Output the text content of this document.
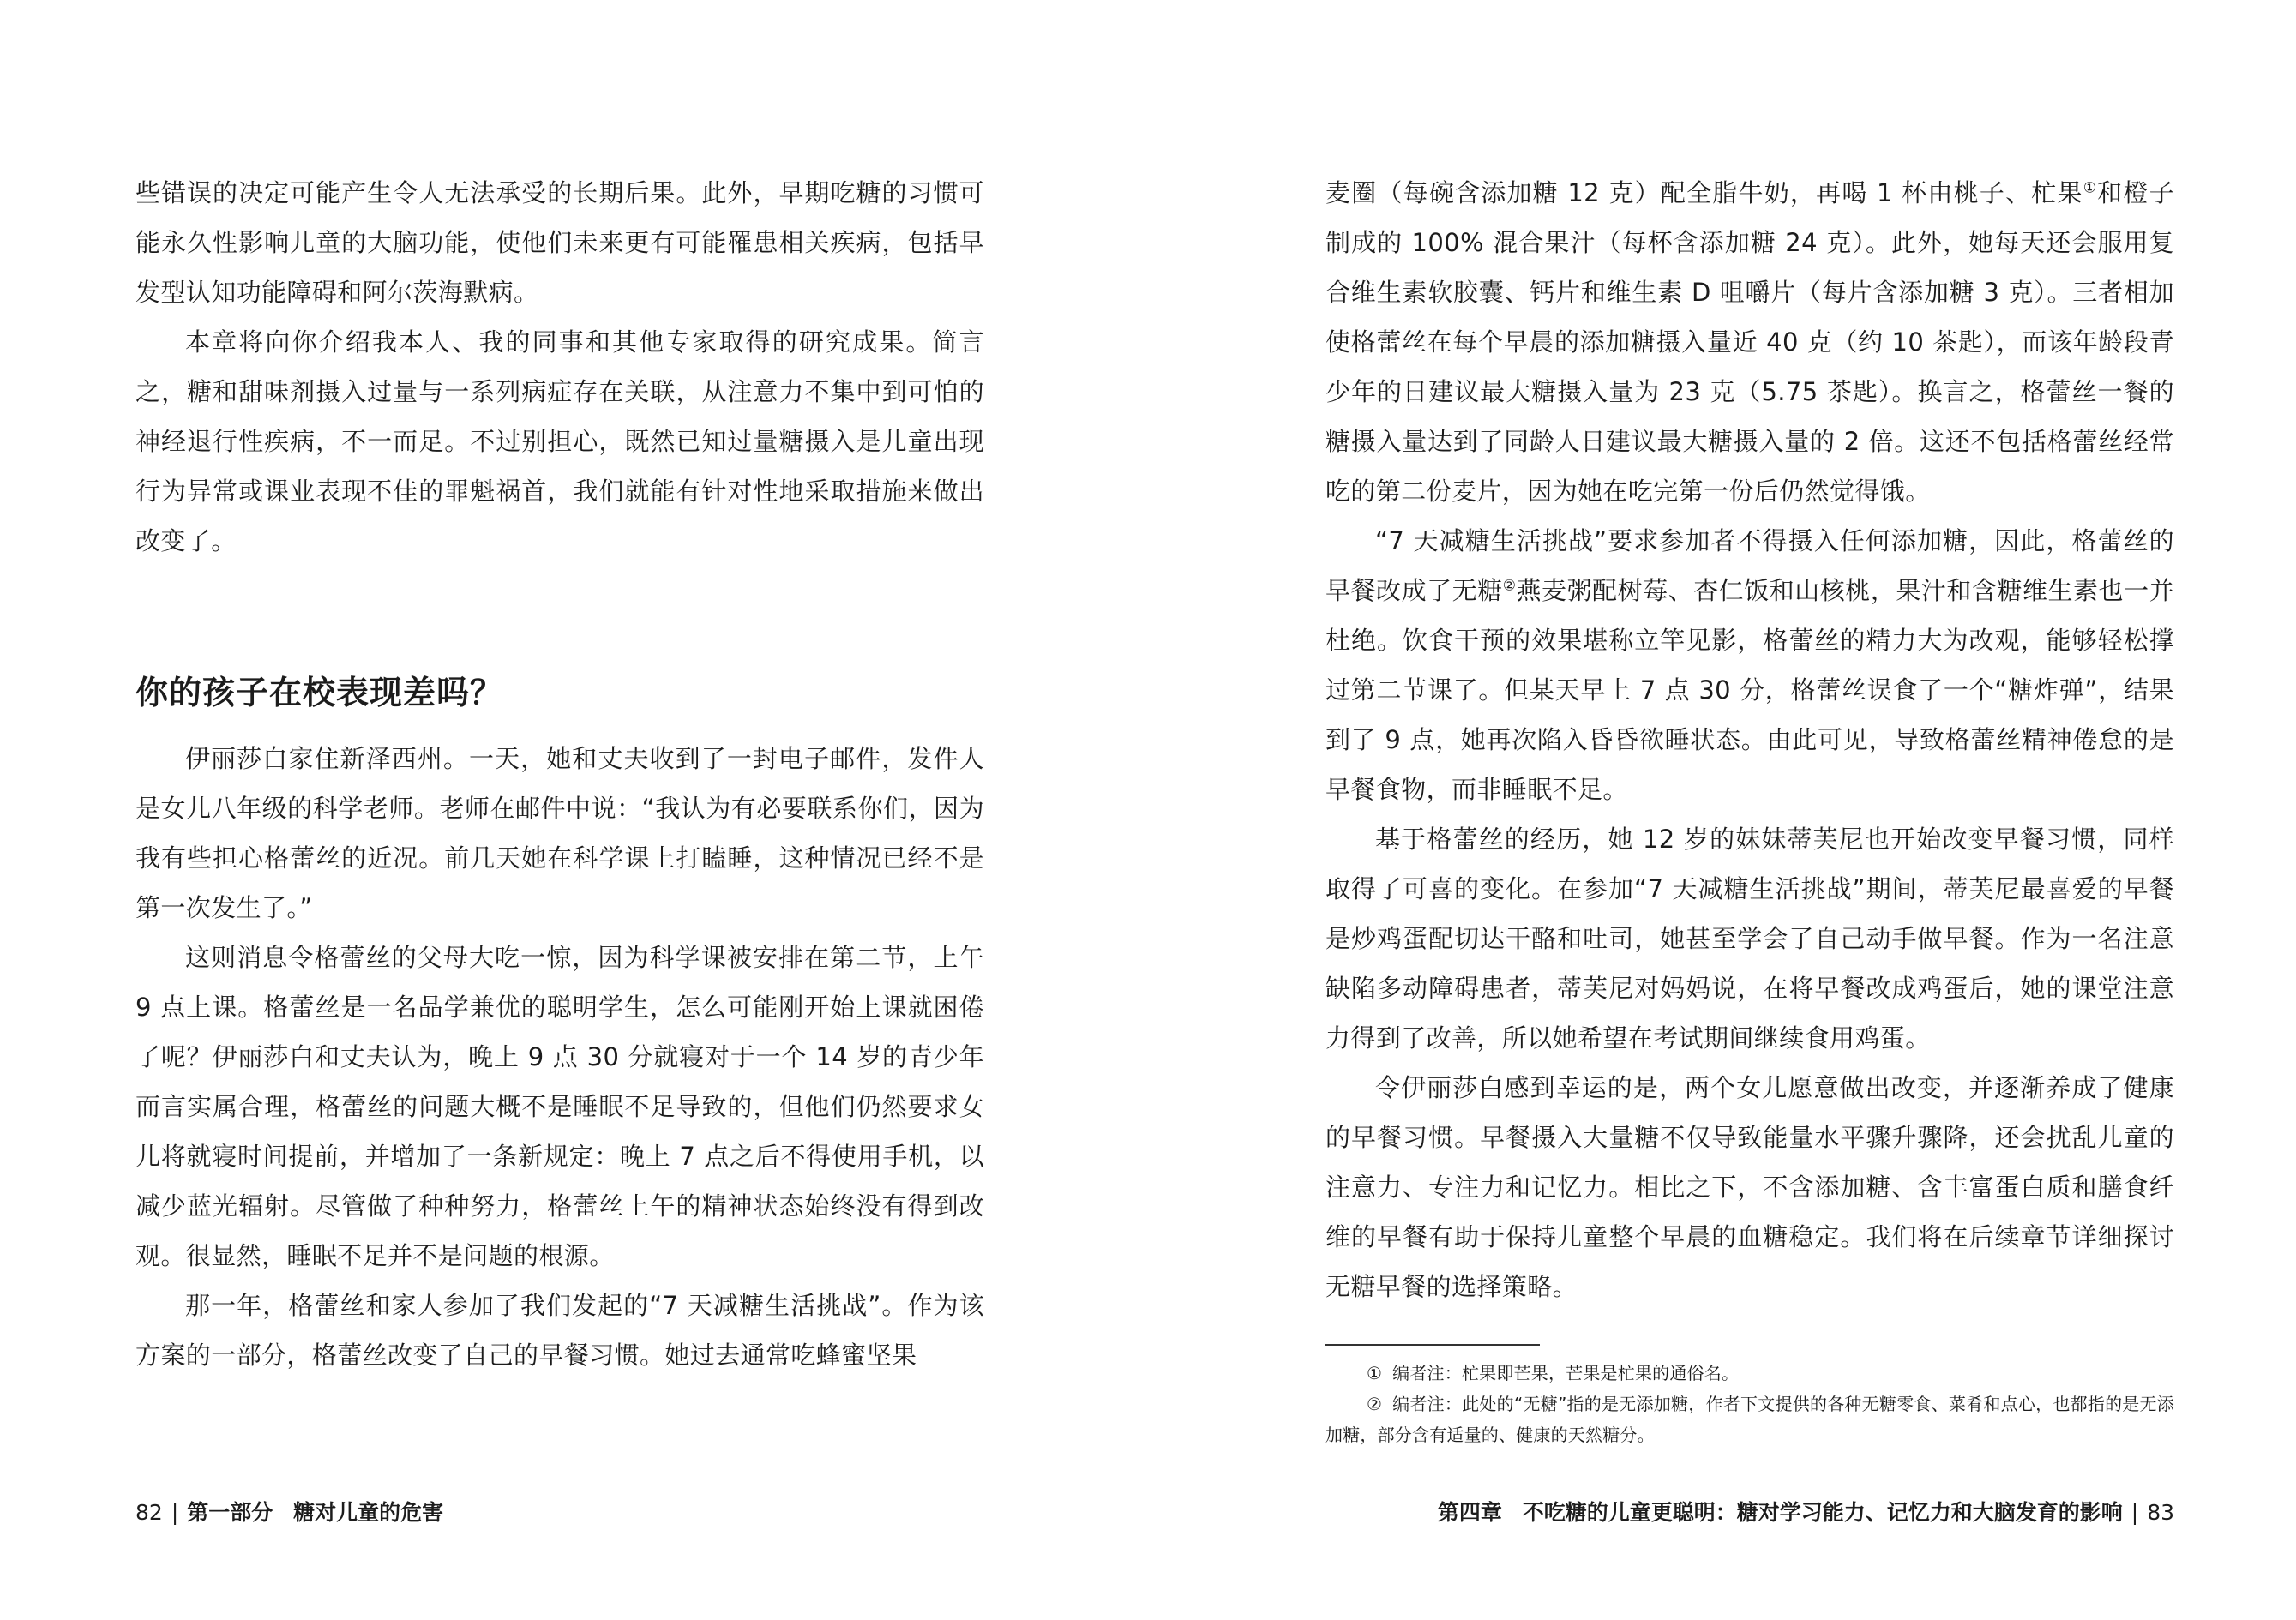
些错误的决定可能产生令人无法承受的长期后果。此外，早期吃糖的习惯可能永久性影响儿童的大脑功能，使他们未来更有可能罹患相关疾病，包括早发型认知功能障碍和阿尔茨海默病。

本章将向你介绍我本人、我的同事和其他专家取得的研究成果。简言之，糖和甜味剂摄入过量与一系列病症存在关联，从注意力不集中到可怕的神经退行性疾病，不一而足。不过别担心，既然已知过量糖摄入是儿童出现行为异常或课业表现不佳的罪魁祸首，我们就能有针对性地采取措施来做出改变了。

你的孩子在校表现差吗？

伊丽莎白家住新泽西州。一天，她和丈夫收到了一封电子邮件，发件人是女儿八年级的科学老师。老师在邮件中说：“我认为有必要联系你们，因为我有些担心格蕾丝的近况。前几天她在科学课上打瞌睡，这种情况已经不是第一次发生了。”

这则消息令格蕾丝的父母大吃一惊，因为科学课被安排在第二节，上午 9 点上课。格蕾丝是一名品学兼优的聪明学生，怎么可能刚开始上课就困倦了呢？伊丽莎白和丈夫认为，晚上 9 点 30 分就寝对于一个 14 岁的青少年而言实属合理，格蕾丝的问题大概不是睡眠不足导致的，但他们仍然要求女儿将就寝时间提前，并增加了一条新规定：晚上 7 点之后不得使用手机，以减少蓝光辐射。尽管做了种种努力，格蕾丝上午的精神状态始终没有得到改观。很显然，睡眠不足并不是问题的根源。

那一年，格蕾丝和家人参加了我们发起的“7 天减糖生活挑战”。作为该方案的一部分，格蕾丝改变了自己的早餐习惯。她过去通常吃蜂蜜坚果

82 | 第一部分 糖对儿童的危害

麦圈（每碗含添加糖 12 克）配全脂牛奶，再喝 1 杯由桃子、杧果①和橙子制成的 100% 混合果汁（每杯含添加糖 24 克）。此外，她每天还会服用复合维生素软胶囊、钙片和维生素 D 咀嚼片（每片含添加糖 3 克）。三者相加使格蕾丝在每个早晨的添加糖摄入量近 40 克（约 10 茶匙），而该年龄段青少年的日建议最大糖摄入量为 23 克（5.75 茶匙）。换言之，格蕾丝一餐的糖摄入量达到了同龄人日建议最大糖摄入量的 2 倍。这还不包括格蕾丝经常吃的第二份麦片，因为她在吃完第一份后仍然觉得饿。

“7 天减糖生活挑战”要求参加者不得摄入任何添加糖，因此，格蕾丝的早餐改成了无糖②燕麦粥配树莓、杏仁饭和山核桃，果汁和含糖维生素也一并杜绝。饮食干预的效果堪称立竿见影，格蕾丝的精力大为改观，能够轻松撑过第二节课了。但某天早上 7 点 30 分，格蕾丝误食了一个“糖炸弹”，结果到了 9 点，她再次陷入昏昏欲睡状态。由此可见，导致格蕾丝精神倦怠的是早餐食物，而非睡眠不足。

基于格蕾丝的经历，她 12 岁的妹妹蒂芙尼也开始改变早餐习惯，同样取得了可喜的变化。在参加“7 天减糖生活挑战”期间，蒂芙尼最喜爱的早餐是炒鸡蛋配切达干酪和吐司，她甚至学会了自己动手做早餐。作为一名注意缺陷多动障碍患者，蒂芙尼对妈妈说，在将早餐改成鸡蛋后，她的课堂注意力得到了改善，所以她希望在考试期间继续食用鸡蛋。

令伊丽莎白感到幸运的是，两个女儿愿意做出改变，并逐渐养成了健康的早餐习惯。早餐摄入大量糖不仅导致能量水平骤升骤降，还会扰乱儿童的注意力、专注力和记忆力。相比之下，不含添加糖、含丰富蛋白质和膳食纤维的早餐有助于保持儿童整个早晨的血糖稳定。我们将在后续章节详细探讨无糖早餐的选择策略。

① 编者注：杧果即芒果，芒果是杧果的通俗名。

② 编者注：此处的“无糖”指的是无添加糖，作者下文提供的各种无糖零食、菜肴和点心，也都指的是无添加糖，部分含有适量的、健康的天然糖分。

第四章 不吃糖的儿童更聪明：糖对学习能力、记忆力和大脑发育的影响 | 83
